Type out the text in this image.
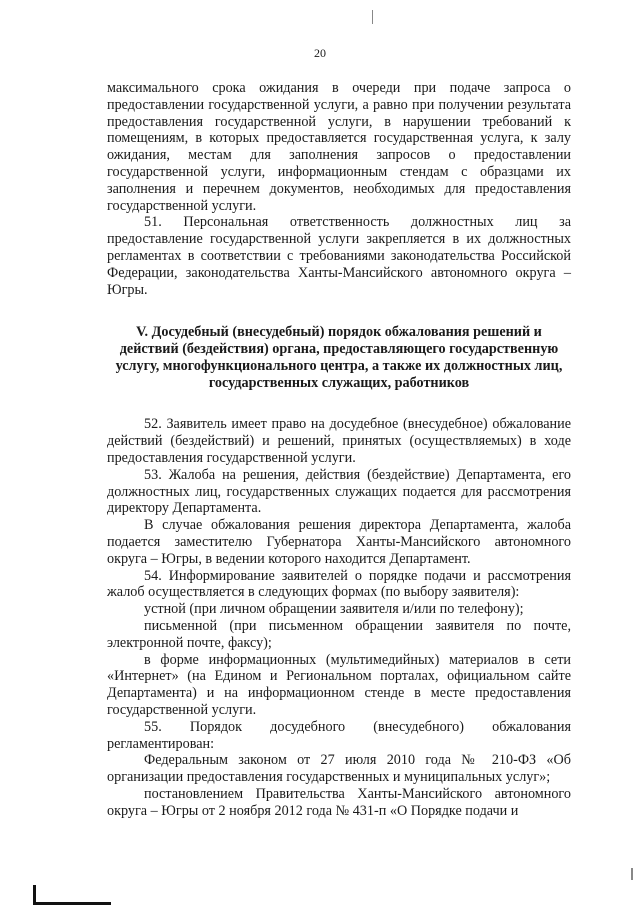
20

максимального срока ожидания в очереди при подаче запроса о предоставлении государственной услуги, а равно при получении результата предоставления государственной услуги, в нарушении требований к помещениям, в которых предоставляется государственная услуга, к залу ожидания, местам для заполнения запросов о предоставлении государственной услуги, информационным стендам с образцами их заполнения и перечнем документов, необходимых для предоставления государственной услуги.

51. Персональная ответственность должностных лиц за предоставление государственной услуги закрепляется в их должностных регламентах в соответствии с требованиями законодательства Российской Федерации, законодательства Ханты-Мансийского автономного округа – Югры.

V. Досудебный (внесудебный) порядок обжалования решений и действий (бездействия) органа, предоставляющего государственную услугу, многофункционального центра, а также их должностных лиц, государственных служащих, работников

52. Заявитель имеет право на досудебное (внесудебное) обжалование действий (бездействий) и решений, принятых (осуществляемых) в ходе предоставления государственной услуги.

53. Жалоба на решения, действия (бездействие) Департамента, его должностных лиц, государственных служащих подается для рассмотрения директору Департамента.

В случае обжалования решения директора Департамента, жалоба подается заместителю Губернатора Ханты-Мансийского автономного округа – Югры, в ведении которого находится Департамент.

54. Информирование заявителей о порядке подачи и рассмотрения жалоб осуществляется в следующих формах (по выбору заявителя):

устной (при личном обращении заявителя и/или по телефону);

письменной (при письменном обращении заявителя по почте, электронной почте, факсу);

в форме информационных (мультимедийных) материалов в сети «Интернет» (на Едином и Региональном порталах, официальном сайте Департамента) и на информационном стенде в месте предоставления государственной услуги.

55. Порядок досудебного (внесудебного) обжалования регламентирован:

Федеральным законом от 27 июля 2010 года № 210-ФЗ «Об организации предоставления государственных и муниципальных услуг»;

постановлением Правительства Ханты-Мансийского автономного округа – Югры от 2 ноября 2012 года № 431-п «О Порядке подачи и
